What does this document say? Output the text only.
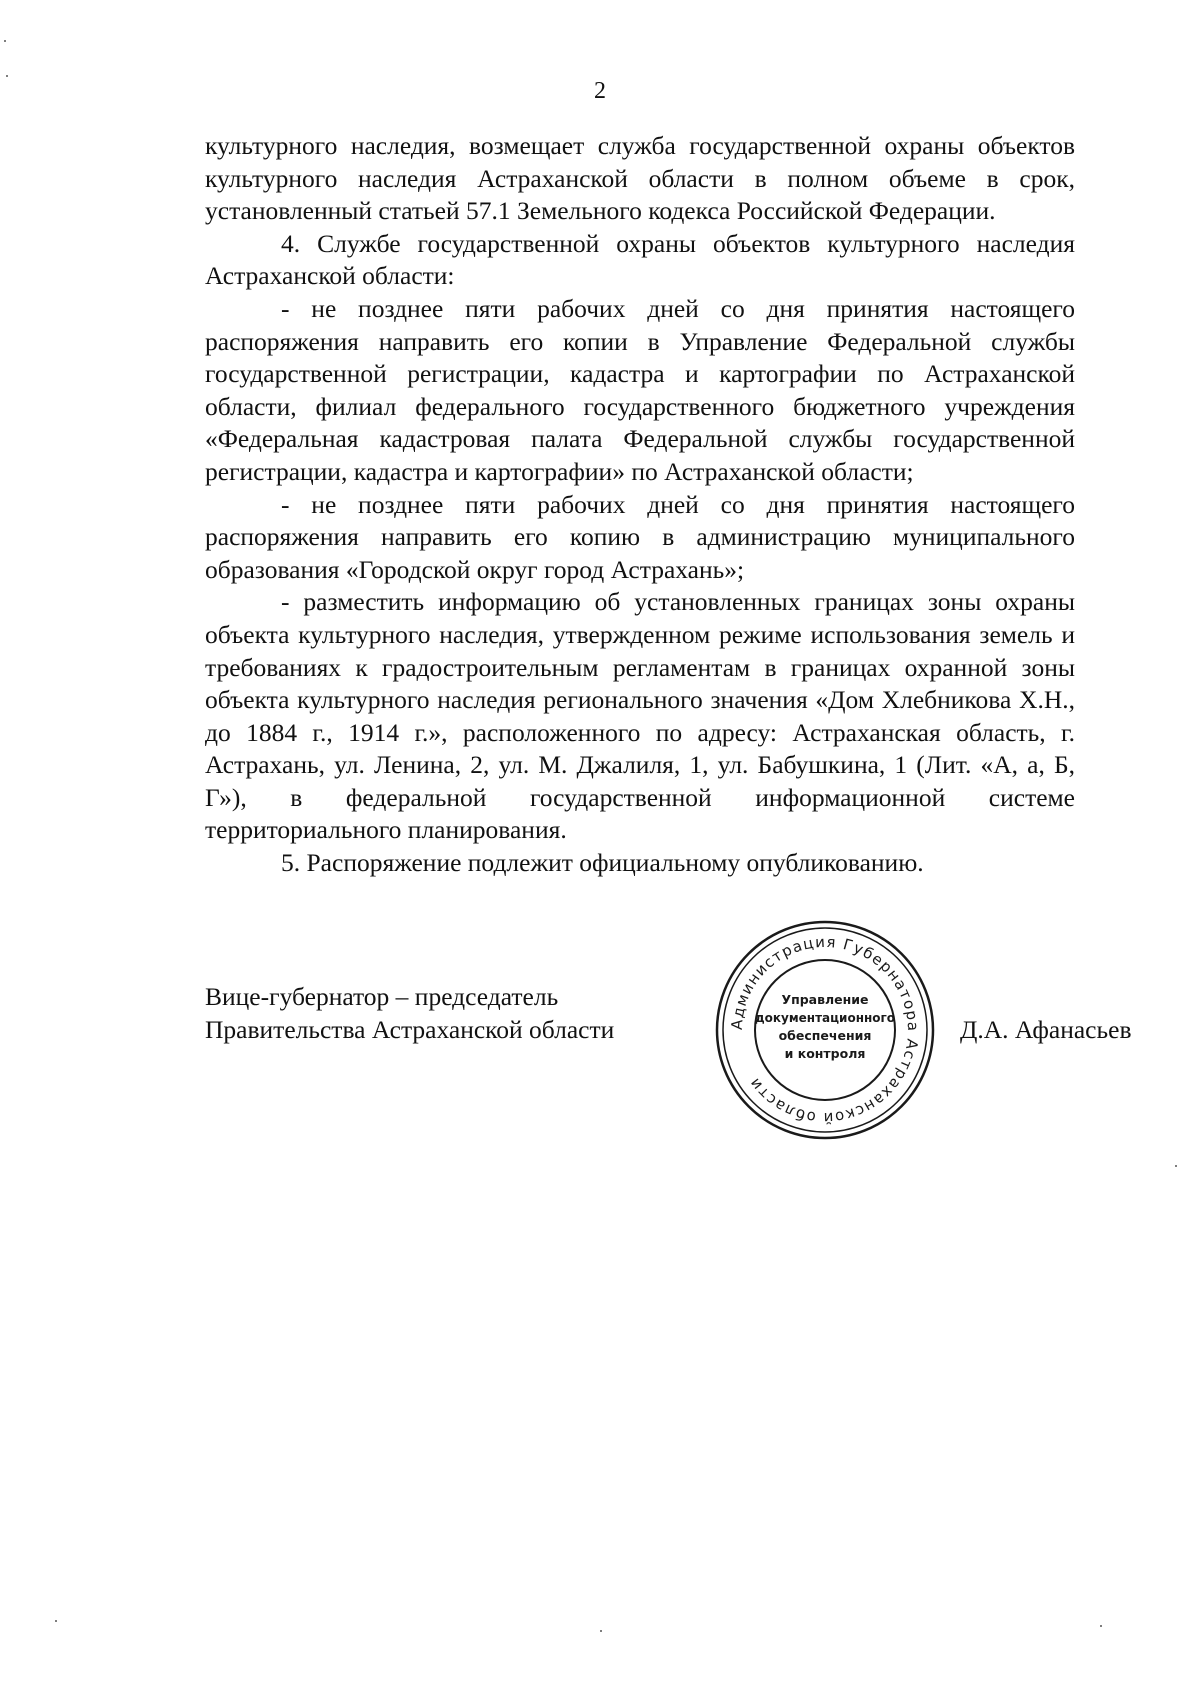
2

культурного наследия, возмещает служба государственной охраны объектов культурного наследия Астраханской области в полном объеме в срок, установленный статьей 57.1 Земельного кодекса Российской Федерации.

4. Службе государственной охраны объектов культурного наследия Астраханской области:

- не позднее пяти рабочих дней со дня принятия настоящего распоряжения направить его копии в Управление Федеральной службы государственной регистрации, кадастра и картографии по Астраханской области, филиал федерального государственного бюджетного учреждения «Федеральная кадастровая палата Федеральной службы государственной регистрации, кадастра и картографии» по Астраханской области;

- не позднее пяти рабочих дней со дня принятия настоящего распоряжения направить его копию в администрацию муниципального образования «Городской округ город Астрахань»;

- разместить информацию об установленных границах зоны охраны объекта культурного наследия, утвержденном режиме использования земель и требованиях к градостроительным регламентам в границах охранной зоны объекта культурного наследия регионального значения «Дом Хлебникова Х.Н., до 1884 г., 1914 г.», расположенного по адресу: Астраханская область, г. Астрахань, ул. Ленина, 2, ул. М. Джалиля, 1, ул. Бабушкина, 1 (Лит. «А, а, Б, Г»), в федеральной государственной информационной системе территориального планирования.

5. Распоряжение подлежит официальному опубликованию.

Вице-губернатор – председатель
Правительства Астраханской области	Д.А. Афанасьев
Администрация Губернатора Астраханской области
Управление
документационного
обеспечения
и контроля
